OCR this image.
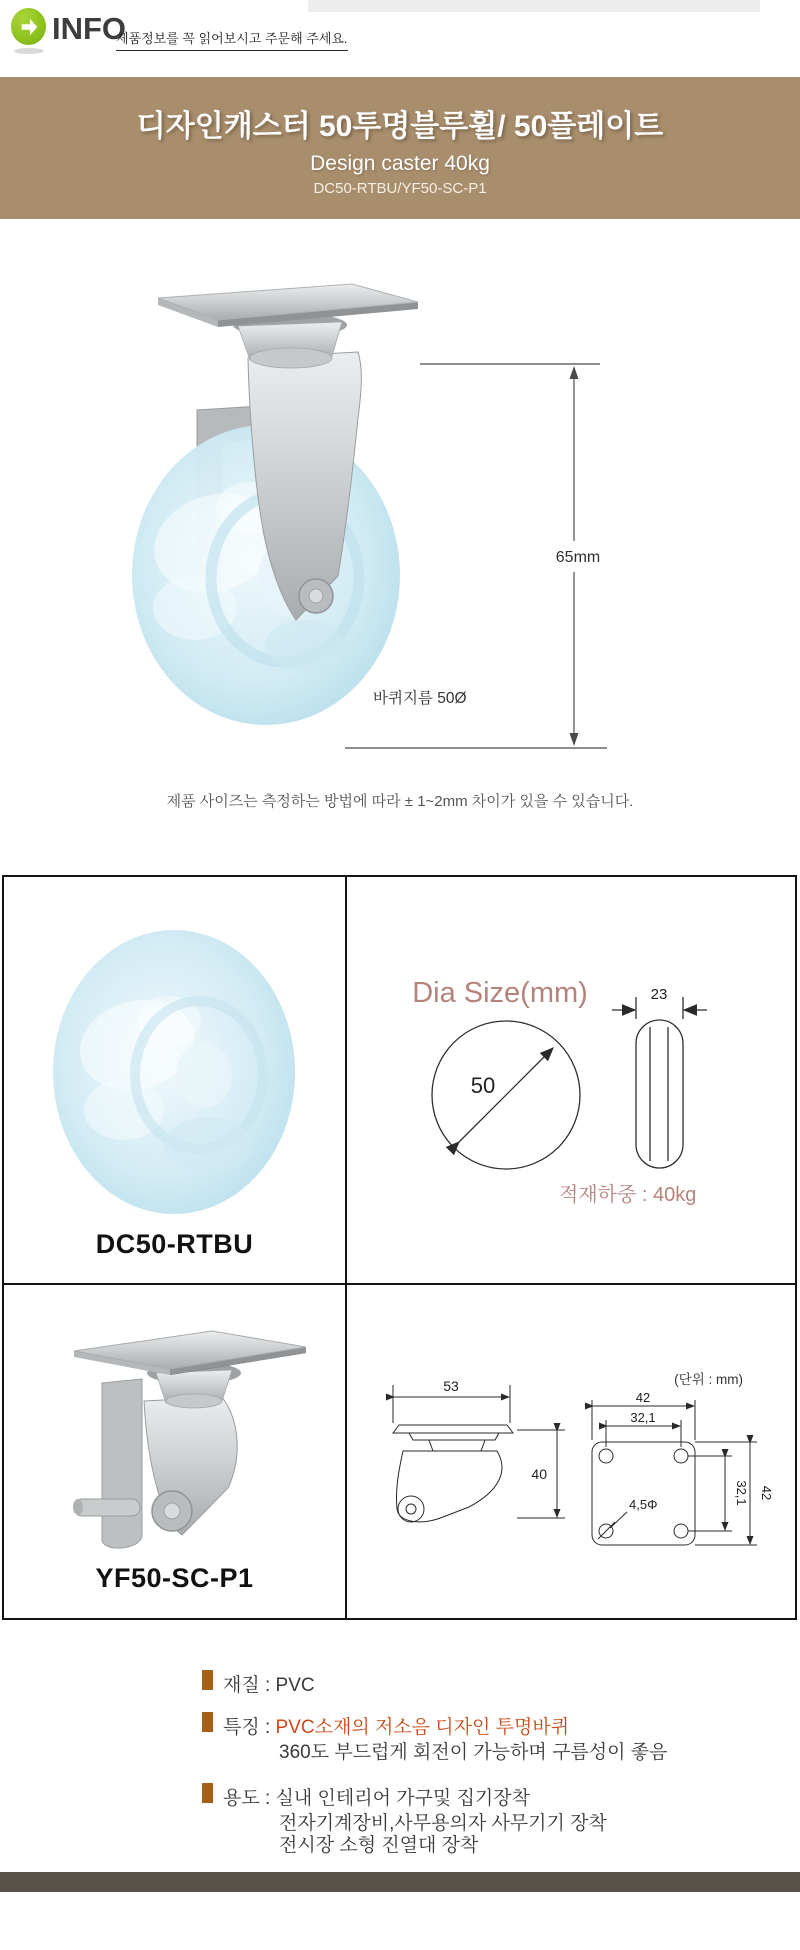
INFO
제품정보를 꼭 읽어보시고 주문해 주세요.
디자인캐스터 50투명블루휠/ 50플레이트
Design caster 40kg
DC50-RTBU/YF50-SC-P1
65mm
바퀴지름 50Ø
제품 사이즈는 측정하는 방법에 따라 ± 1~2mm 차이가 있을 수 있습니다.
DC50-RTBU
Dia Size(mm)
50
23
적재하중 : 40kg
YF50-SC-P1
(단위 : mm)
53
40
42
32,1
32,1 42
4,5Φ
재질 : PVC
특징 : PVC소재의 저소음 디자인 투명바퀴
360도 부드럽게 회전이 가능하며 구름성이 좋음
용도 : 실내 인테리어 가구및 집기장착
전자기계장비,사무용의자 사무기기 장착
전시장 소형 진열대 장착
